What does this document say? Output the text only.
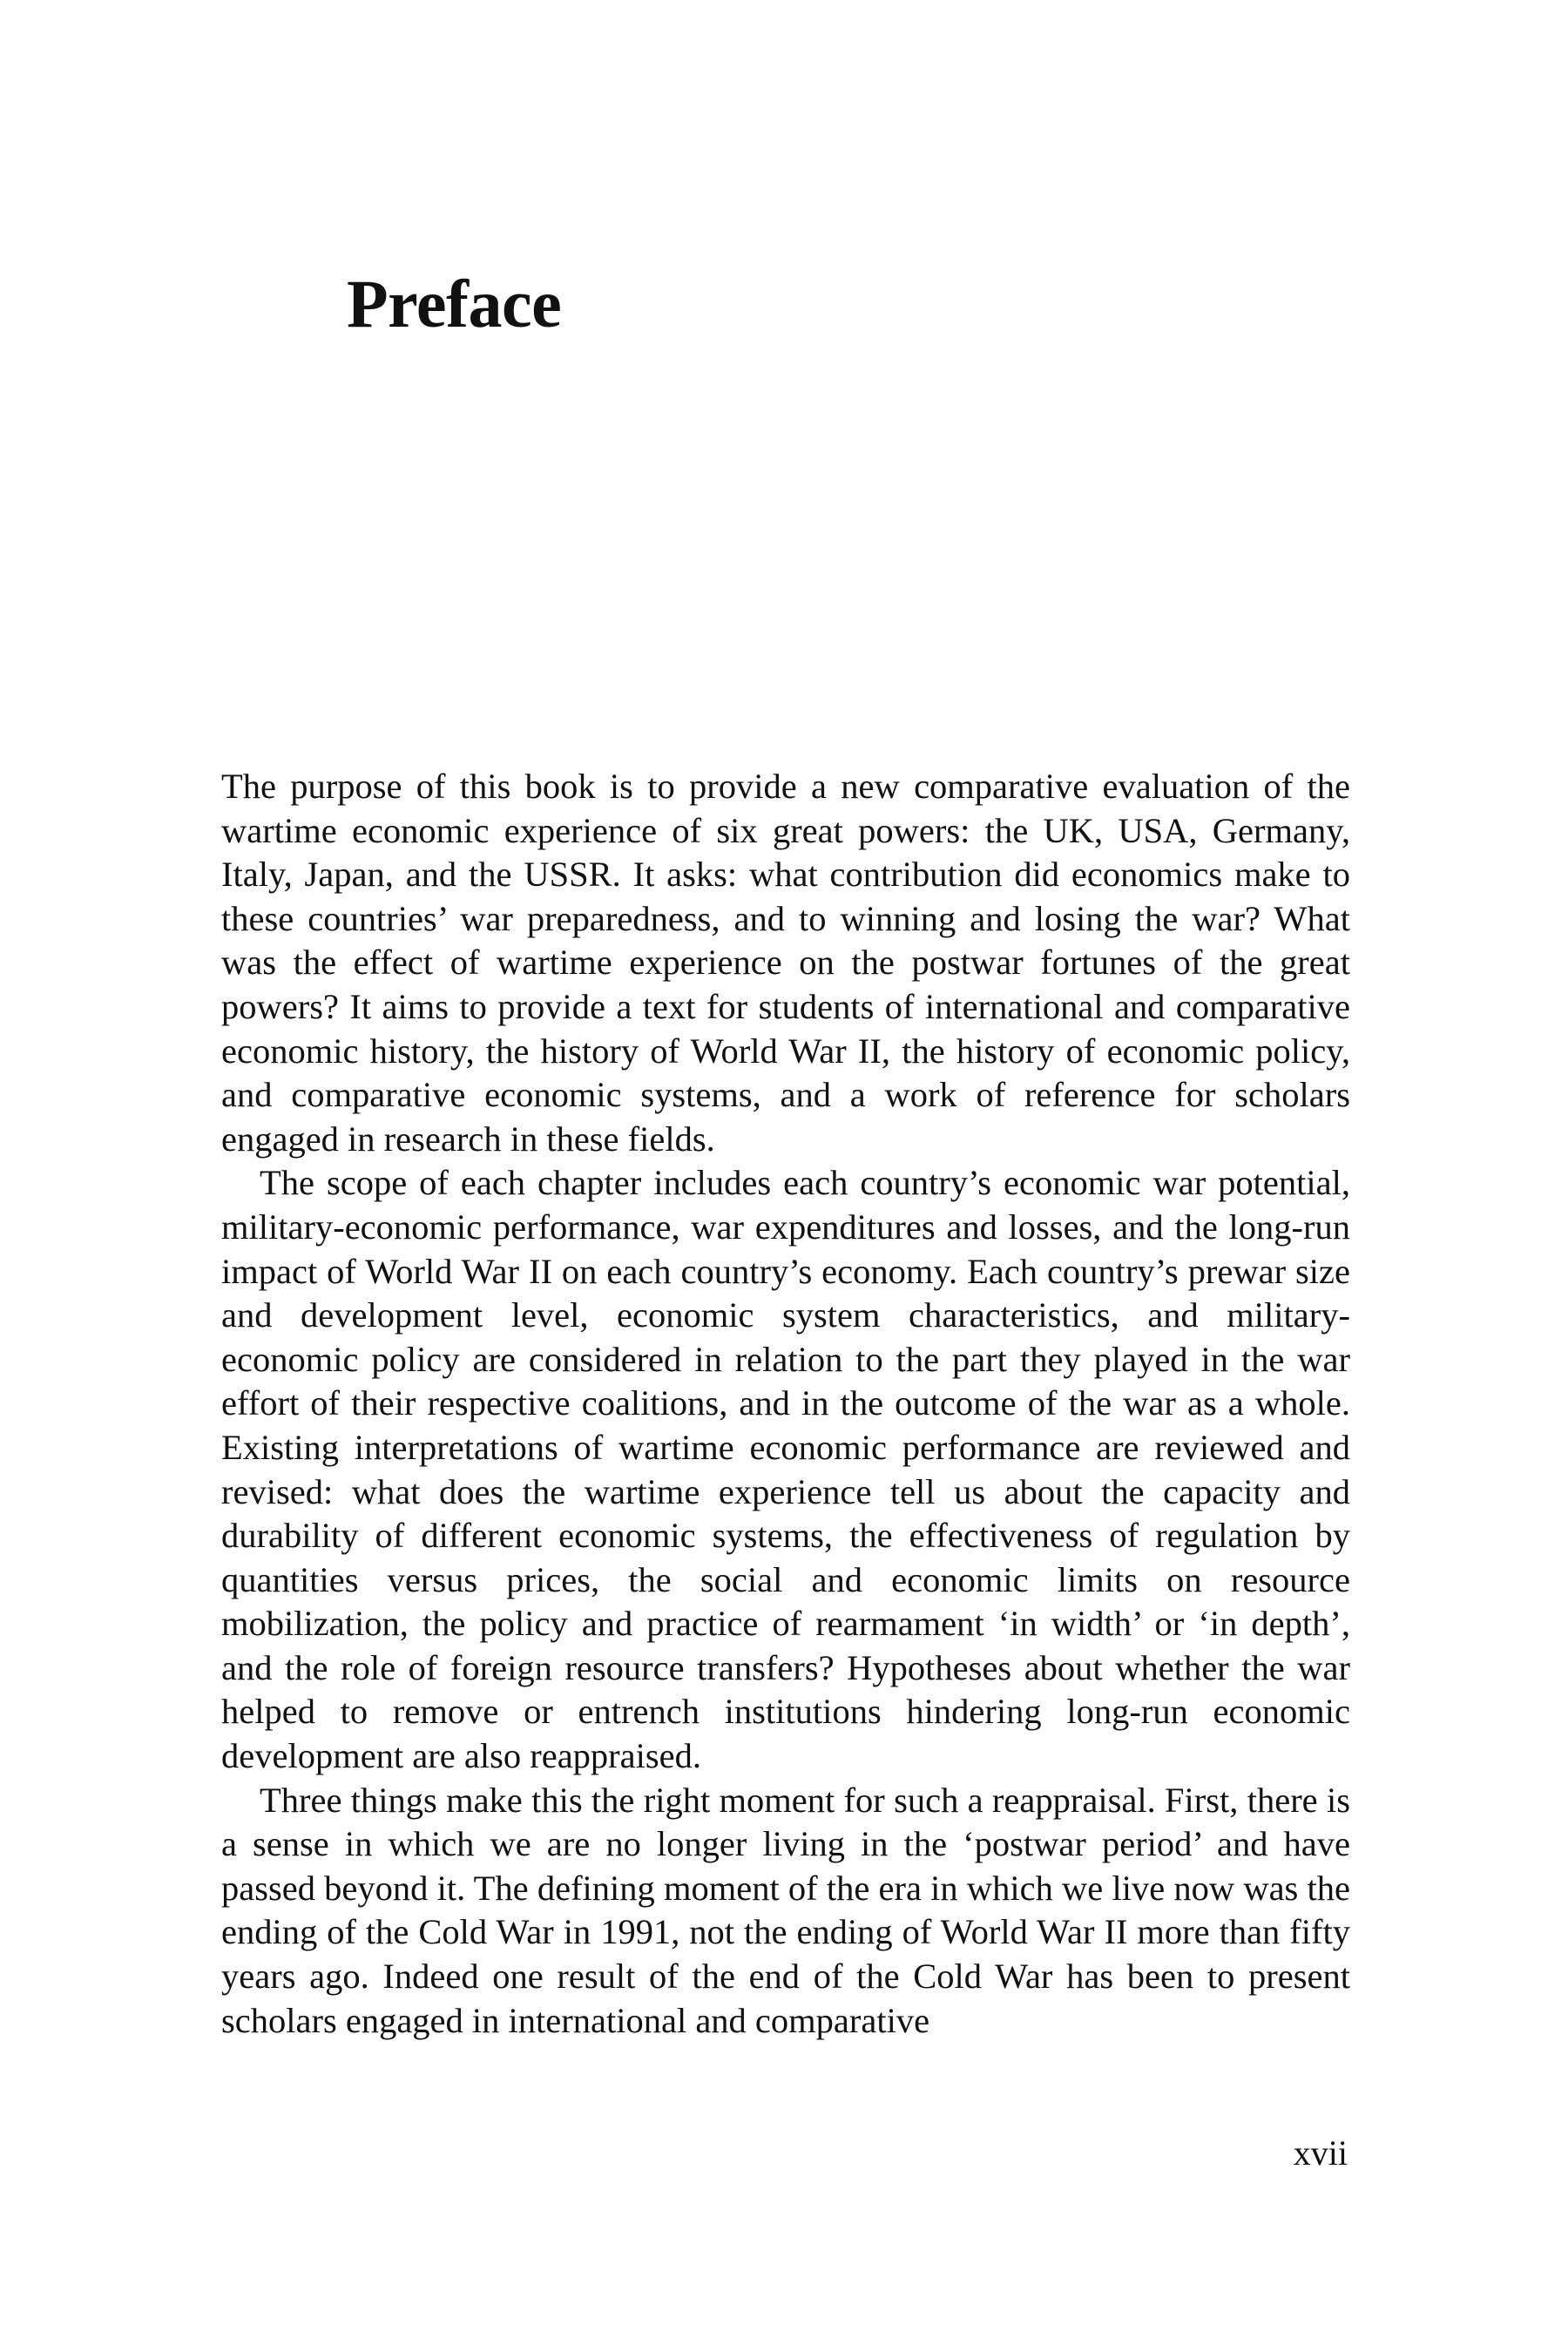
Preface

The purpose of this book is to provide a new comparative evaluation of the wartime economic experience of six great powers: the UK, USA, Germany, Italy, Japan, and the USSR. It asks: what contribution did economics make to these countries’ war preparedness, and to winning and losing the war? What was the effect of wartime experience on the postwar fortunes of the great powers? It aims to provide a text for students of international and comparative economic history, the history of World War II, the history of economic policy, and comparative economic systems, and a work of reference for scholars engaged in research in these fields.

The scope of each chapter includes each country’s economic war potential, military-economic performance, war expenditures and losses, and the long-run impact of World War II on each country’s economy. Each country’s prewar size and development level, economic system characteristics, and military-economic policy are considered in relation to the part they played in the war effort of their respective coalitions, and in the outcome of the war as a whole. Existing interpretations of wartime economic performance are reviewed and revised: what does the wartime experience tell us about the capacity and durability of different economic systems, the effectiveness of regulation by quantities versus prices, the social and economic limits on resource mobilization, the policy and practice of rearmament ‘in width’ or ‘in depth’, and the role of foreign resource transfers? Hypotheses about whether the war helped to remove or entrench institutions hindering long-run economic development are also reappraised.

Three things make this the right moment for such a reappraisal. First, there is a sense in which we are no longer living in the ‘postwar period’ and have passed beyond it. The defining moment of the era in which we live now was the ending of the Cold War in 1991, not the ending of World War II more than fifty years ago. Indeed one result of the end of the Cold War has been to present scholars engaged in international and comparative

xvii
